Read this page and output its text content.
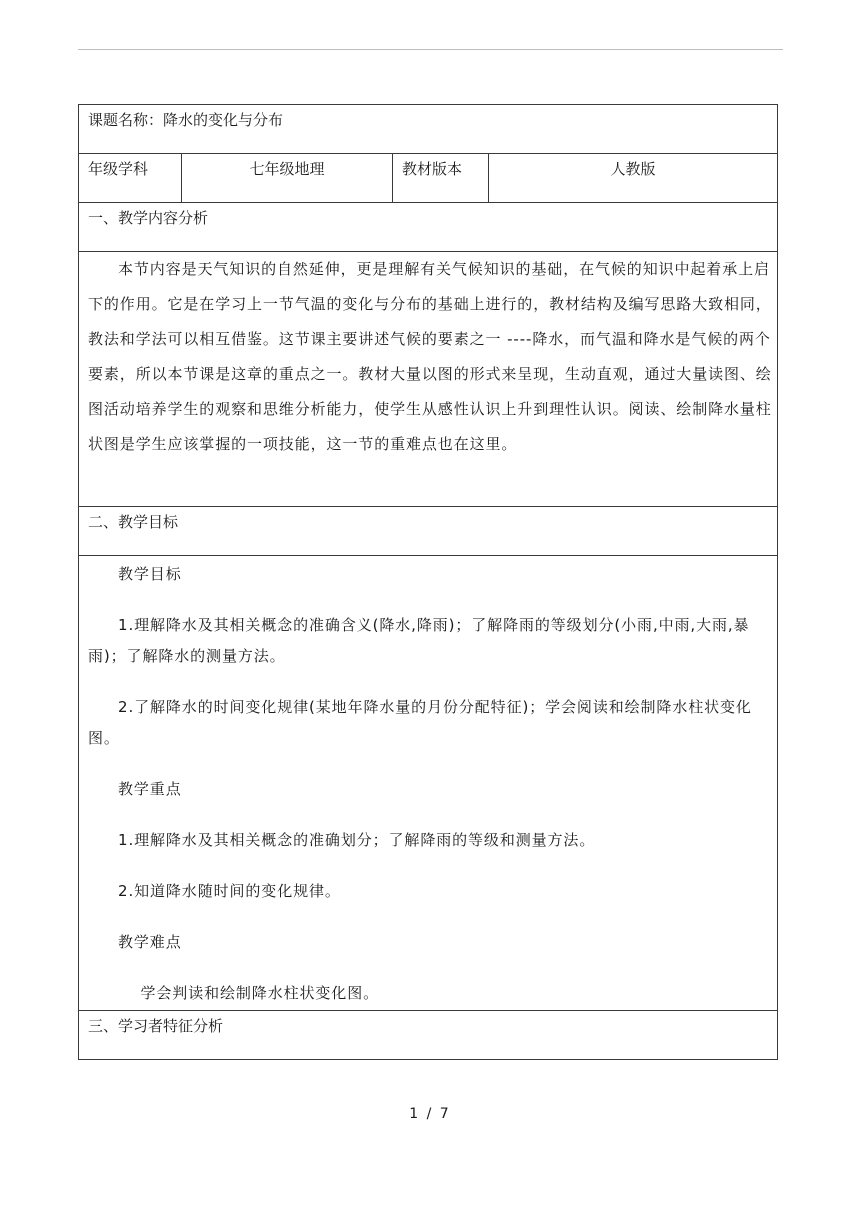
课题名称：降水的变化与分布
年级学科	七年级地理	教材版本	人教版
一、教学内容分析

本节内容是天气知识的自然延伸，更是理解有关气候知识的基础，在气候的知识中起着承上启下的作用。它是在学习上一节气温的变化与分布的基础上进行的，教材结构及编写思路大致相同，教法和学法可以相互借鉴。这节课主要讲述气候的要素之一 ----降水，而气温和降水是气候的两个要素，所以本节课是这章的重点之一。教材大量以图的形式来呈现，生动直观，通过大量读图、绘图活动培养学生的观察和思维分析能力，使学生从感性认识上升到理性认识。阅读、绘制降水量柱状图是学生应该掌握的一项技能，这一节的重难点也在这里。

二、教学目标

教学目标

1.理解降水及其相关概念的准确含义(降水,降雨)；了解降雨的等级划分(小雨,中雨,大雨,暴雨)；了解降水的测量方法。

2.了解降水的时间变化规律(某地年降水量的月份分配特征)；学会阅读和绘制降水柱状变化图。

教学重点

1.理解降水及其相关概念的准确划分；了解降雨的等级和测量方法。

2.知道降水随时间的变化规律。

教学难点

学会判读和绘制降水柱状变化图。

三、学习者特征分析
1 / 7
